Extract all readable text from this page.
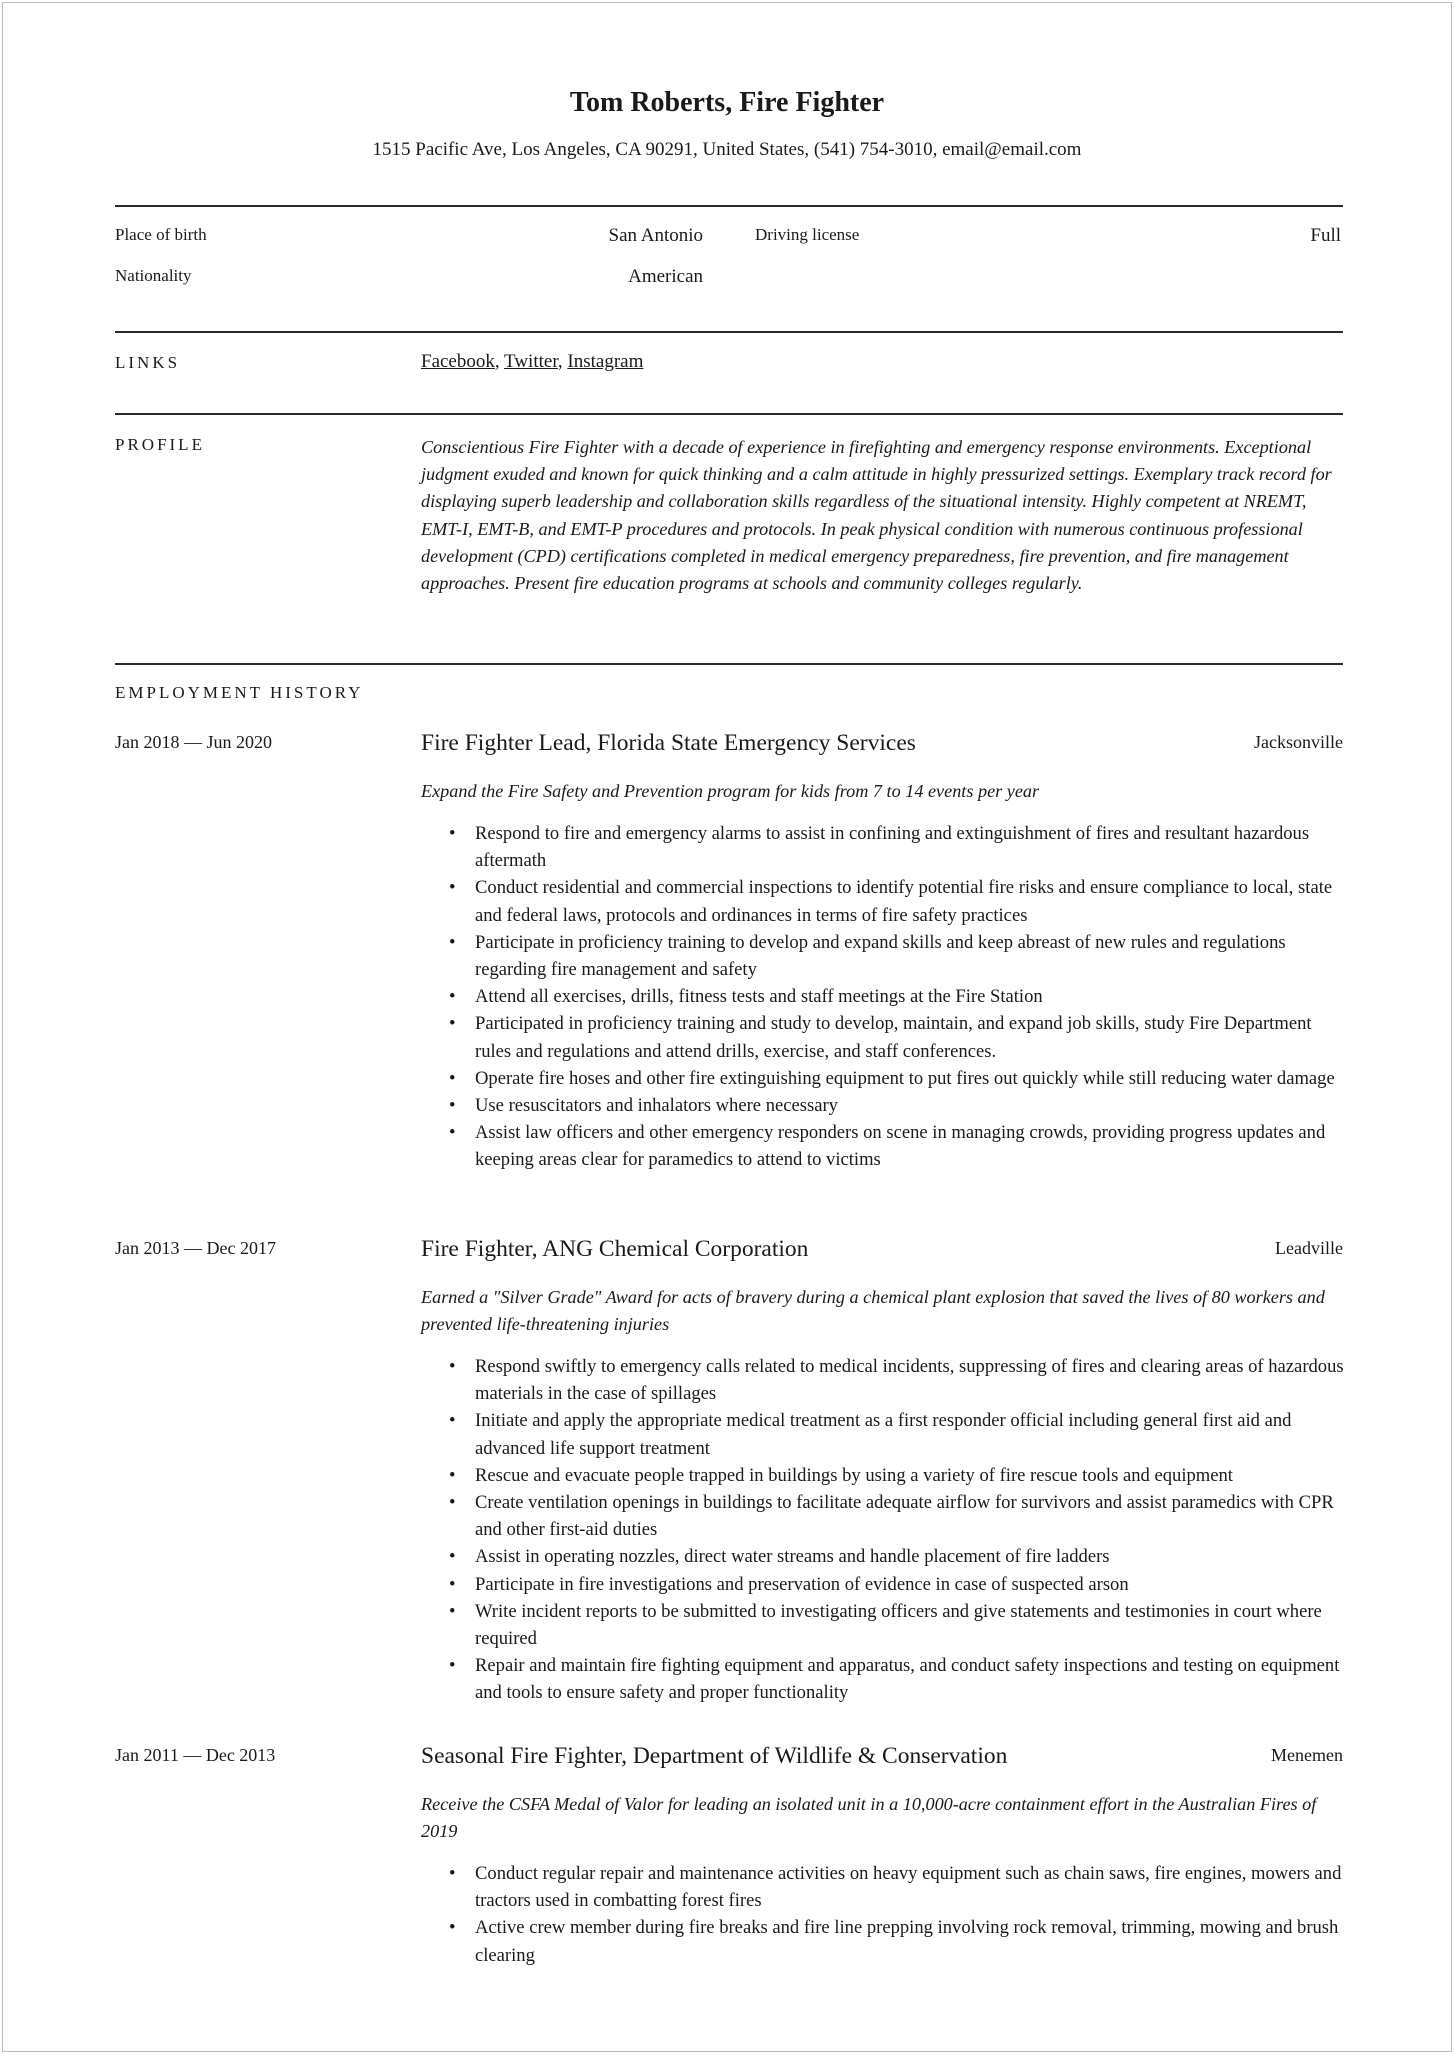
Tom Roberts, Fire Fighter
1515 Pacific Ave, Los Angeles, CA 90291, United States, (541) 754-3010, email@email.com
Place of birth	San Antonio	Driving license	Full
Nationality	American
LINKS	Facebook, Twitter, Instagram
PROFILE	Conscientious Fire Fighter with a decade of experience in firefighting and emergency response environments. Exceptional judgment exuded and known for quick thinking and a calm attitude in highly pressurized settings. Exemplary track record for displaying superb leadership and collaboration skills regardless of the situational intensity. Highly competent at NREMT, EMT-I, EMT-B, and EMT-P procedures and protocols. In peak physical condition with numerous continuous professional development (CPD) certifications completed in medical emergency preparedness, fire prevention, and fire management approaches. Present fire education programs at schools and community colleges regularly.
EMPLOYMENT HISTORY
Jan 2018 — Jun 2020	Fire Fighter Lead, Florida State Emergency Services	Jacksonville
Expand the Fire Safety and Prevention program for kids from 7 to 14 events per year
• Respond to fire and emergency alarms to assist in confining and extinguishment of fires and resultant hazardous aftermath
• Conduct residential and commercial inspections to identify potential fire risks and ensure compliance to local, state and federal laws, protocols and ordinances in terms of fire safety practices
• Participate in proficiency training to develop and expand skills and keep abreast of new rules and regulations regarding fire management and safety
• Attend all exercises, drills, fitness tests and staff meetings at the Fire Station
• Participated in proficiency training and study to develop, maintain, and expand job skills, study Fire Department rules and regulations and attend drills, exercise, and staff conferences.
• Operate fire hoses and other fire extinguishing equipment to put fires out quickly while still reducing water damage
• Use resuscitators and inhalators where necessary
• Assist law officers and other emergency responders on scene in managing crowds, providing progress updates and keeping areas clear for paramedics to attend to victims
Jan 2013 — Dec 2017	Fire Fighter, ANG Chemical Corporation	Leadville
Earned a "Silver Grade" Award for acts of bravery during a chemical plant explosion that saved the lives of 80 workers and prevented life-threatening injuries
• Respond swiftly to emergency calls related to medical incidents, suppressing of fires and clearing areas of hazardous materials in the case of spillages
• Initiate and apply the appropriate medical treatment as a first responder official including general first aid and advanced life support treatment
• Rescue and evacuate people trapped in buildings by using a variety of fire rescue tools and equipment
• Create ventilation openings in buildings to facilitate adequate airflow for survivors and assist paramedics with CPR and other first-aid duties
• Assist in operating nozzles, direct water streams and handle placement of fire ladders
• Participate in fire investigations and preservation of evidence in case of suspected arson
• Write incident reports to be submitted to investigating officers and give statements and testimonies in court where required
• Repair and maintain fire fighting equipment and apparatus, and conduct safety inspections and testing on equipment and tools to ensure safety and proper functionality
Jan 2011 — Dec 2013	Seasonal Fire Fighter, Department of Wildlife & Conservation	Menemen
Receive the CSFA Medal of Valor for leading an isolated unit in a 10,000-acre containment effort in the Australian Fires of 2019
• Conduct regular repair and maintenance activities on heavy equipment such as chain saws, fire engines, mowers and tractors used in combatting forest fires
• Active crew member during fire breaks and fire line prepping involving rock removal, trimming, mowing and brush clearing
